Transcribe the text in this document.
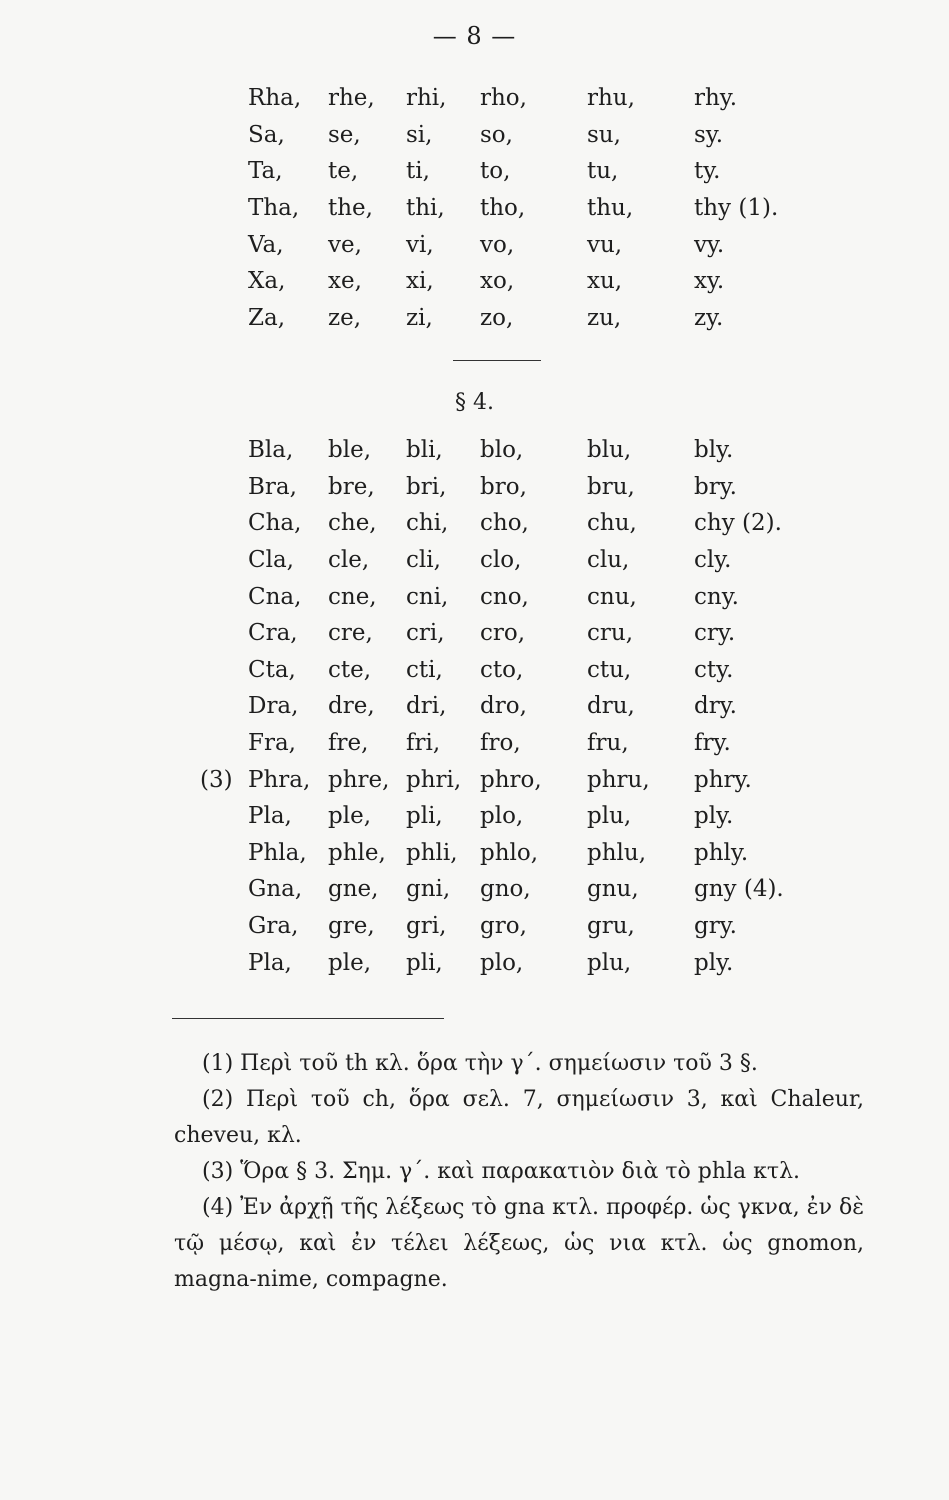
— 8 —
	Rha,	rhe,	rhi,	rho,	rhu,	rhy.
	Sa,	se,	si,	so,	su,	sy.
	Ta,	te,	ti,	to,	tu,	ty.
	Tha,	the,	thi,	tho,	thu,	thy (1).
	Va,	ve,	vi,	vo,	vu,	vy.
	Xa,	xe,	xi,	xo,	xu,	xy.
	Za,	ze,	zi,	zo,	zu,	zy.
§ 4.
	Bla,	ble,	bli,	blo,	blu,	bly.
	Bra,	bre,	bri,	bro,	bru,	bry.
	Cha,	che,	chi,	cho,	chu,	chy (2).
	Cla,	cle,	cli,	clo,	clu,	cly.
	Cna,	cne,	cni,	cno,	cnu,	cny.
	Cra,	cre,	cri,	cro,	cru,	cry.
	Cta,	cte,	cti,	cto,	ctu,	cty.
	Dra,	dre,	dri,	dro,	dru,	dry.
	Fra,	fre,	fri,	fro,	fru,	fry.
(3)	Phra,	phre,	phri,	phro,	phru,	phry.
	Pla,	ple,	pli,	plo,	plu,	ply.
	Phla,	phle,	phli,	phlo,	phlu,	phly.
	Gna,	gne,	gni,	gno,	gnu,	gny (4).
	Gra,	gre,	gri,	gro,	gru,	gry.
	Pla,	ple,	pli,	plo,	plu,	ply.

(1) Περὶ τοῦ th κλ. ὅρα τὴν γ΄. σημείωσιν τοῦ 3 §.

(2) Περὶ τοῦ ch, ὅρα σελ. 7, σημείωσιν 3, καὶ Chaleur, cheveu, κλ.

(3) Ὅρα § 3. Σημ. γ΄. καὶ παρακατιὸν διὰ τὸ phla κτλ.

(4) Ἐν ἀρχῇ τῆς λέξεως τὸ gna κτλ. προφέρ. ὡς γκνα, ἐν δὲ τῷ μέσῳ, καὶ ἐν τέλει λέξεως, ὡς νια κτλ. ὡς gnomon, magna-nime, compagne.
